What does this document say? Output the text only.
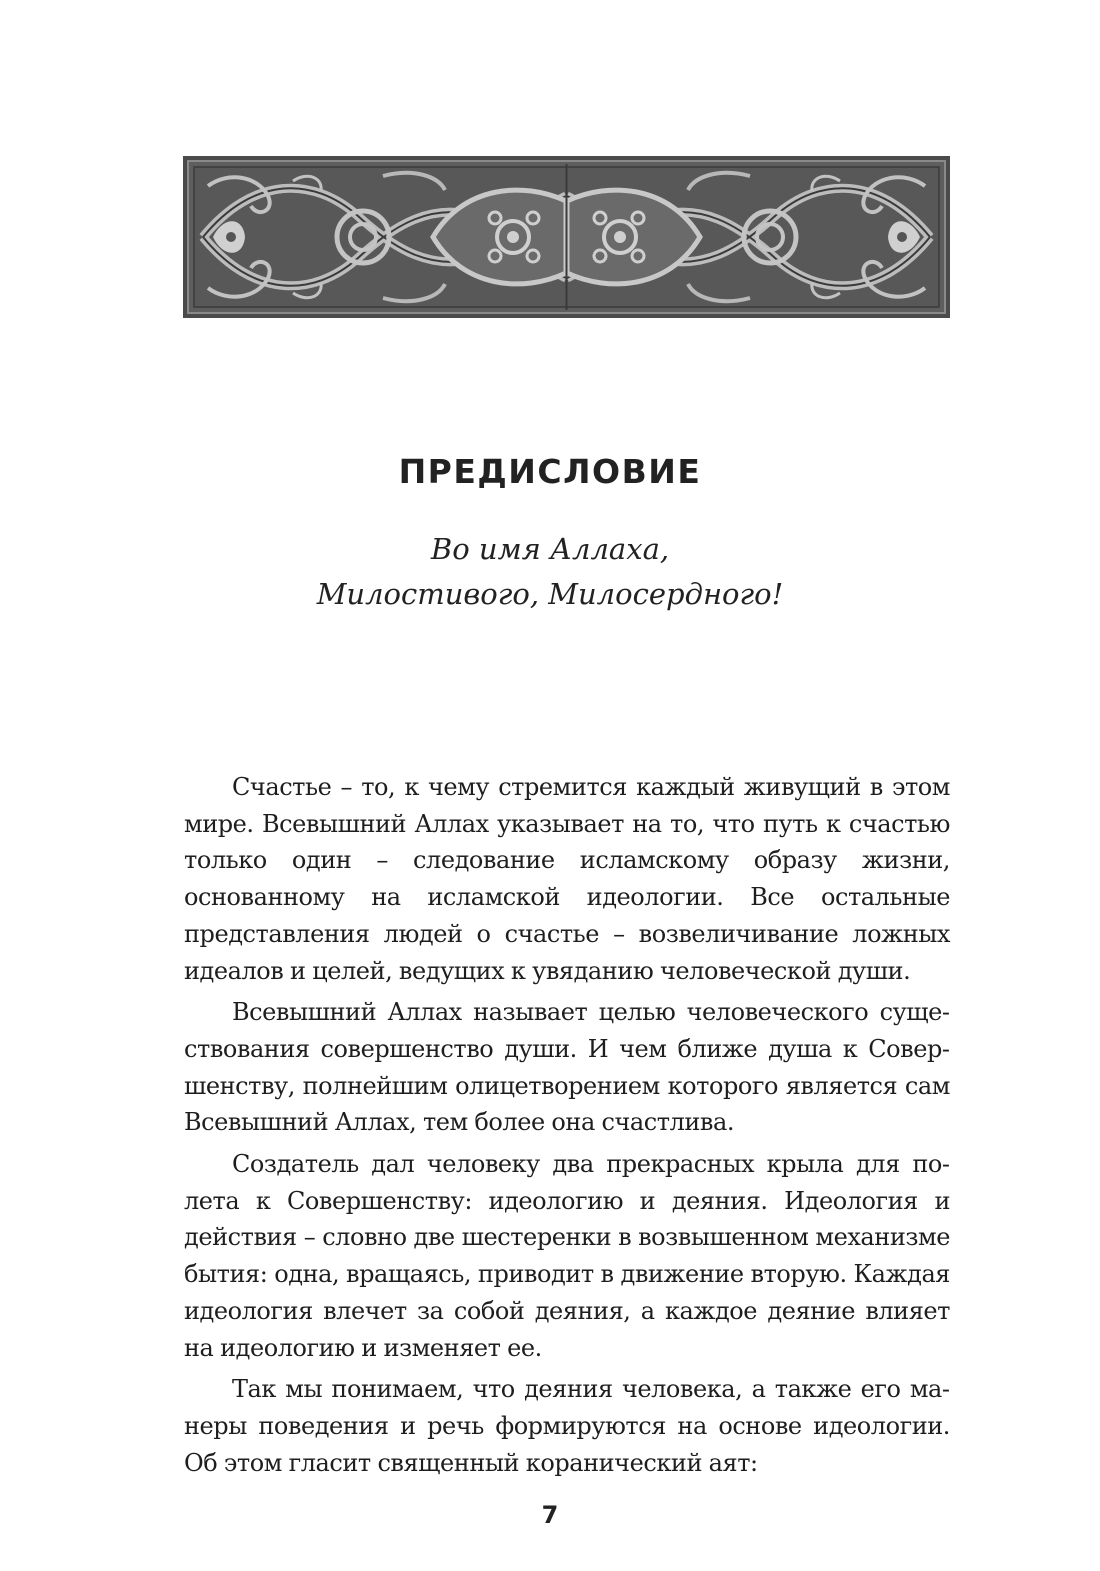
ПРЕДИСЛОВИЕ
Во имя Аллаха,
Милостивого, Милосердного!

Счастье – то, к чему стремится каждый живущий в этом мире. Всевышний Аллах указывает на то, что путь к счастью только один – следование исламскому образу жизни, основанному на исламской идеологии. Все остальные представления людей о счастье – возвеличивание ложных идеалов и целей, ведущих к увяданию человеческой души.

Всевышний Аллах называет целью человеческого существования совершенство души. И чем ближе душа к Совершенству, полнейшим олицетворением которого является сам Всевышний Аллах, тем более она счастлива.

Создатель дал человеку два прекрасных крыла для полета к Совершенству: идеологию и деяния. Идеология и действия – словно две шестеренки в возвышенном механизме бытия: одна, вращаясь, приводит в движение вторую. Каждая идеология влечет за собой деяния, а каждое деяние влияет на идеологию и изменяет ее.

Так мы понимаем, что деяния человека, а также его манеры поведения и речь формируются на основе идеологии. Об этом гласит священный коранический аят:

7
